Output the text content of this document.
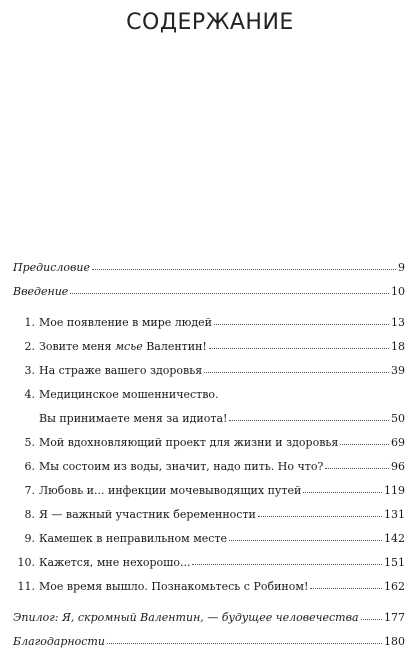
СОДЕРЖАНИЕ
Предисловие	9
Введение	10
1. Мое появление в мире людей	13
2. Зовите меня мсье Валентин!	18
3. На страже вашего здоровья	39
4. Медицинское мошенничество.
Вы принимаете меня за идиота!	50
5. Мой вдохновляющий проект для жизни и здоровья	69
6. Мы состоим из воды, значит, надо пить. Но что?	96
7. Любовь и... инфекции мочевыводящих путей	119
8. Я — важный участник беременности	131
9. Камешек в неправильном месте	142
10. Кажется, мне нехорошо...	151
11. Мое время вышло. Познакомьтесь с Робином!	162
Эпилог: Я, скромный Валентин, — будущее человечества 177
Благодарности	180
